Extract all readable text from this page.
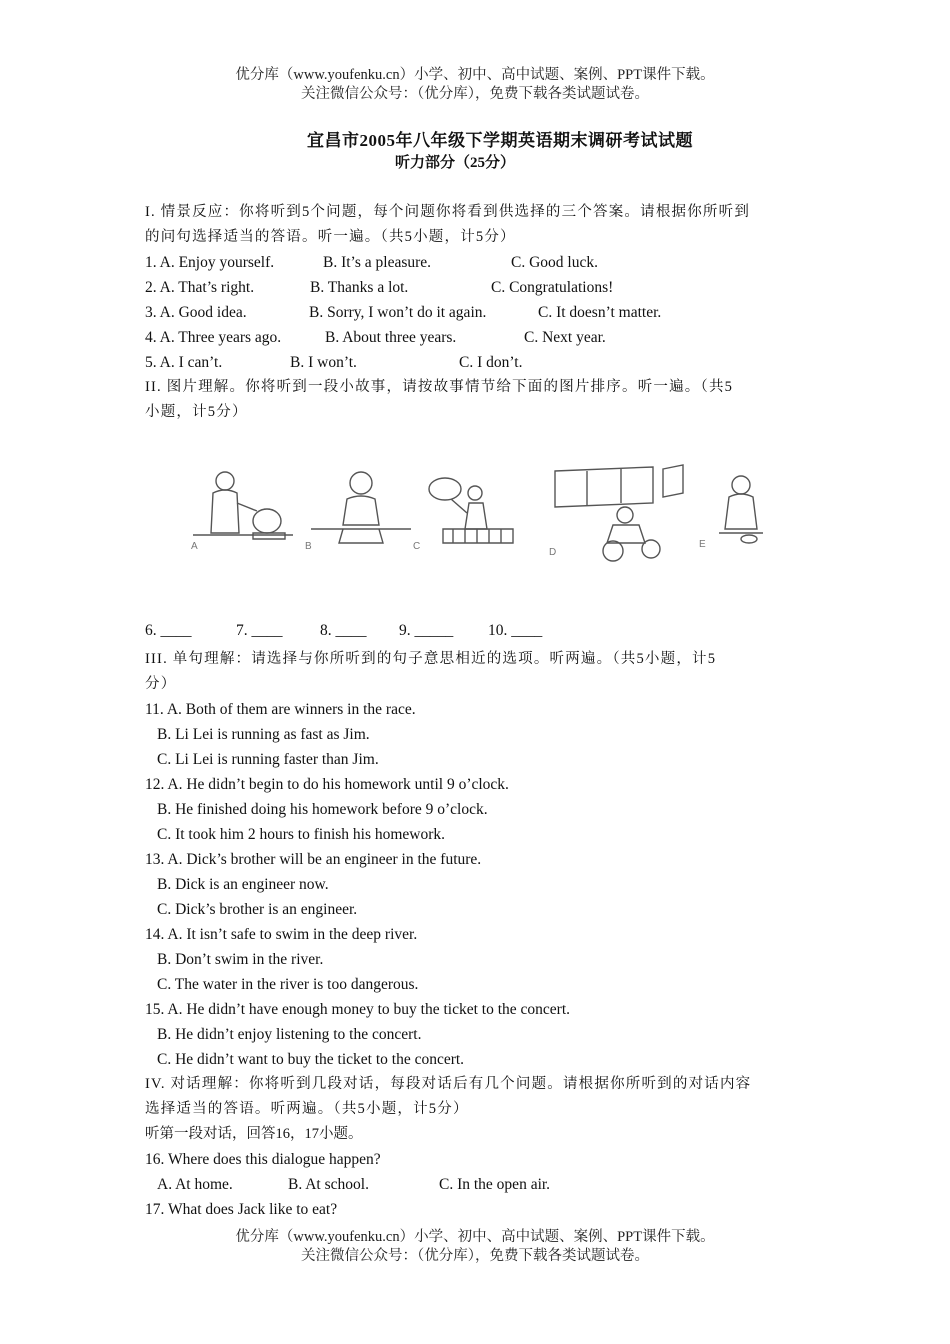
优分库（www.youfenku.cn）小学、初中、高中试题、案例、PPT课件下载。
关注微信公众号：（优分库），免费下载各类试题试卷。
宜昌市2005年八年级下学期英语期末调研考试试题
听力部分（25分）
I. 情景反应：你将听到5个问题，每个问题你将看到供选择的三个答案。请根据你所听到
的问句选择适当的答语。听一遍。（共5小题，计5分）
1. A. Enjoy yourself.	B. It’s a pleasure.	C. Good luck.
2. A. That’s right.	B. Thanks a lot.	C. Congratulations!
3. A. Good idea.	B. Sorry, I won’t do it again.	C. It doesn’t matter.
4. A. Three years ago.	B. About three years.	C. Next year.
5. A. I can’t.	B. I won’t.	C. I don’t.
II. 图片理解。你将听到一段小故事，请按故事情节给下面的图片排序。听一遍。（共5
小题，计5分）
A	B	C
D
E
6. ____	7. ____ 8. ____ 9. _____ 10. ____
III. 单句理解：请选择与你所听到的句子意思相近的选项。听两遍。（共5小题，计5
分）
11. A. Both of them are winners in the race.
B. Li Lei is running as fast as Jim.
C. Li Lei is running faster than Jim.
12. A. He didn’t begin to do his homework until 9 o’clock.
B. He finished doing his homework before 9 o’clock.
C. It took him 2 hours to finish his homework.
13. A. Dick’s brother will be an engineer in the future.
B. Dick is an engineer now.
C. Dick’s brother is an engineer.
14. A. It isn’t safe to swim in the deep river.
B. Don’t swim in the river.
C. The water in the river is too dangerous.
15. A. He didn’t have enough money to buy the ticket to the concert.
B. He didn’t enjoy listening to the concert.
C. He didn’t want to buy the ticket to the concert.
IV. 对话理解：你将听到几段对话，每段对话后有几个问题。请根据你所听到的对话内容
选择适当的答语。听两遍。（共5小题，计5分）
听第一段对话，回答16，17小题。
16. Where does this dialogue happen?
A. At home.	B. At school.	C. In the open air.
17. What does Jack like to eat?
优分库（www.youfenku.cn）小学、初中、高中试题、案例、PPT课件下载。
关注微信公众号：（优分库），免费下载各类试题试卷。
